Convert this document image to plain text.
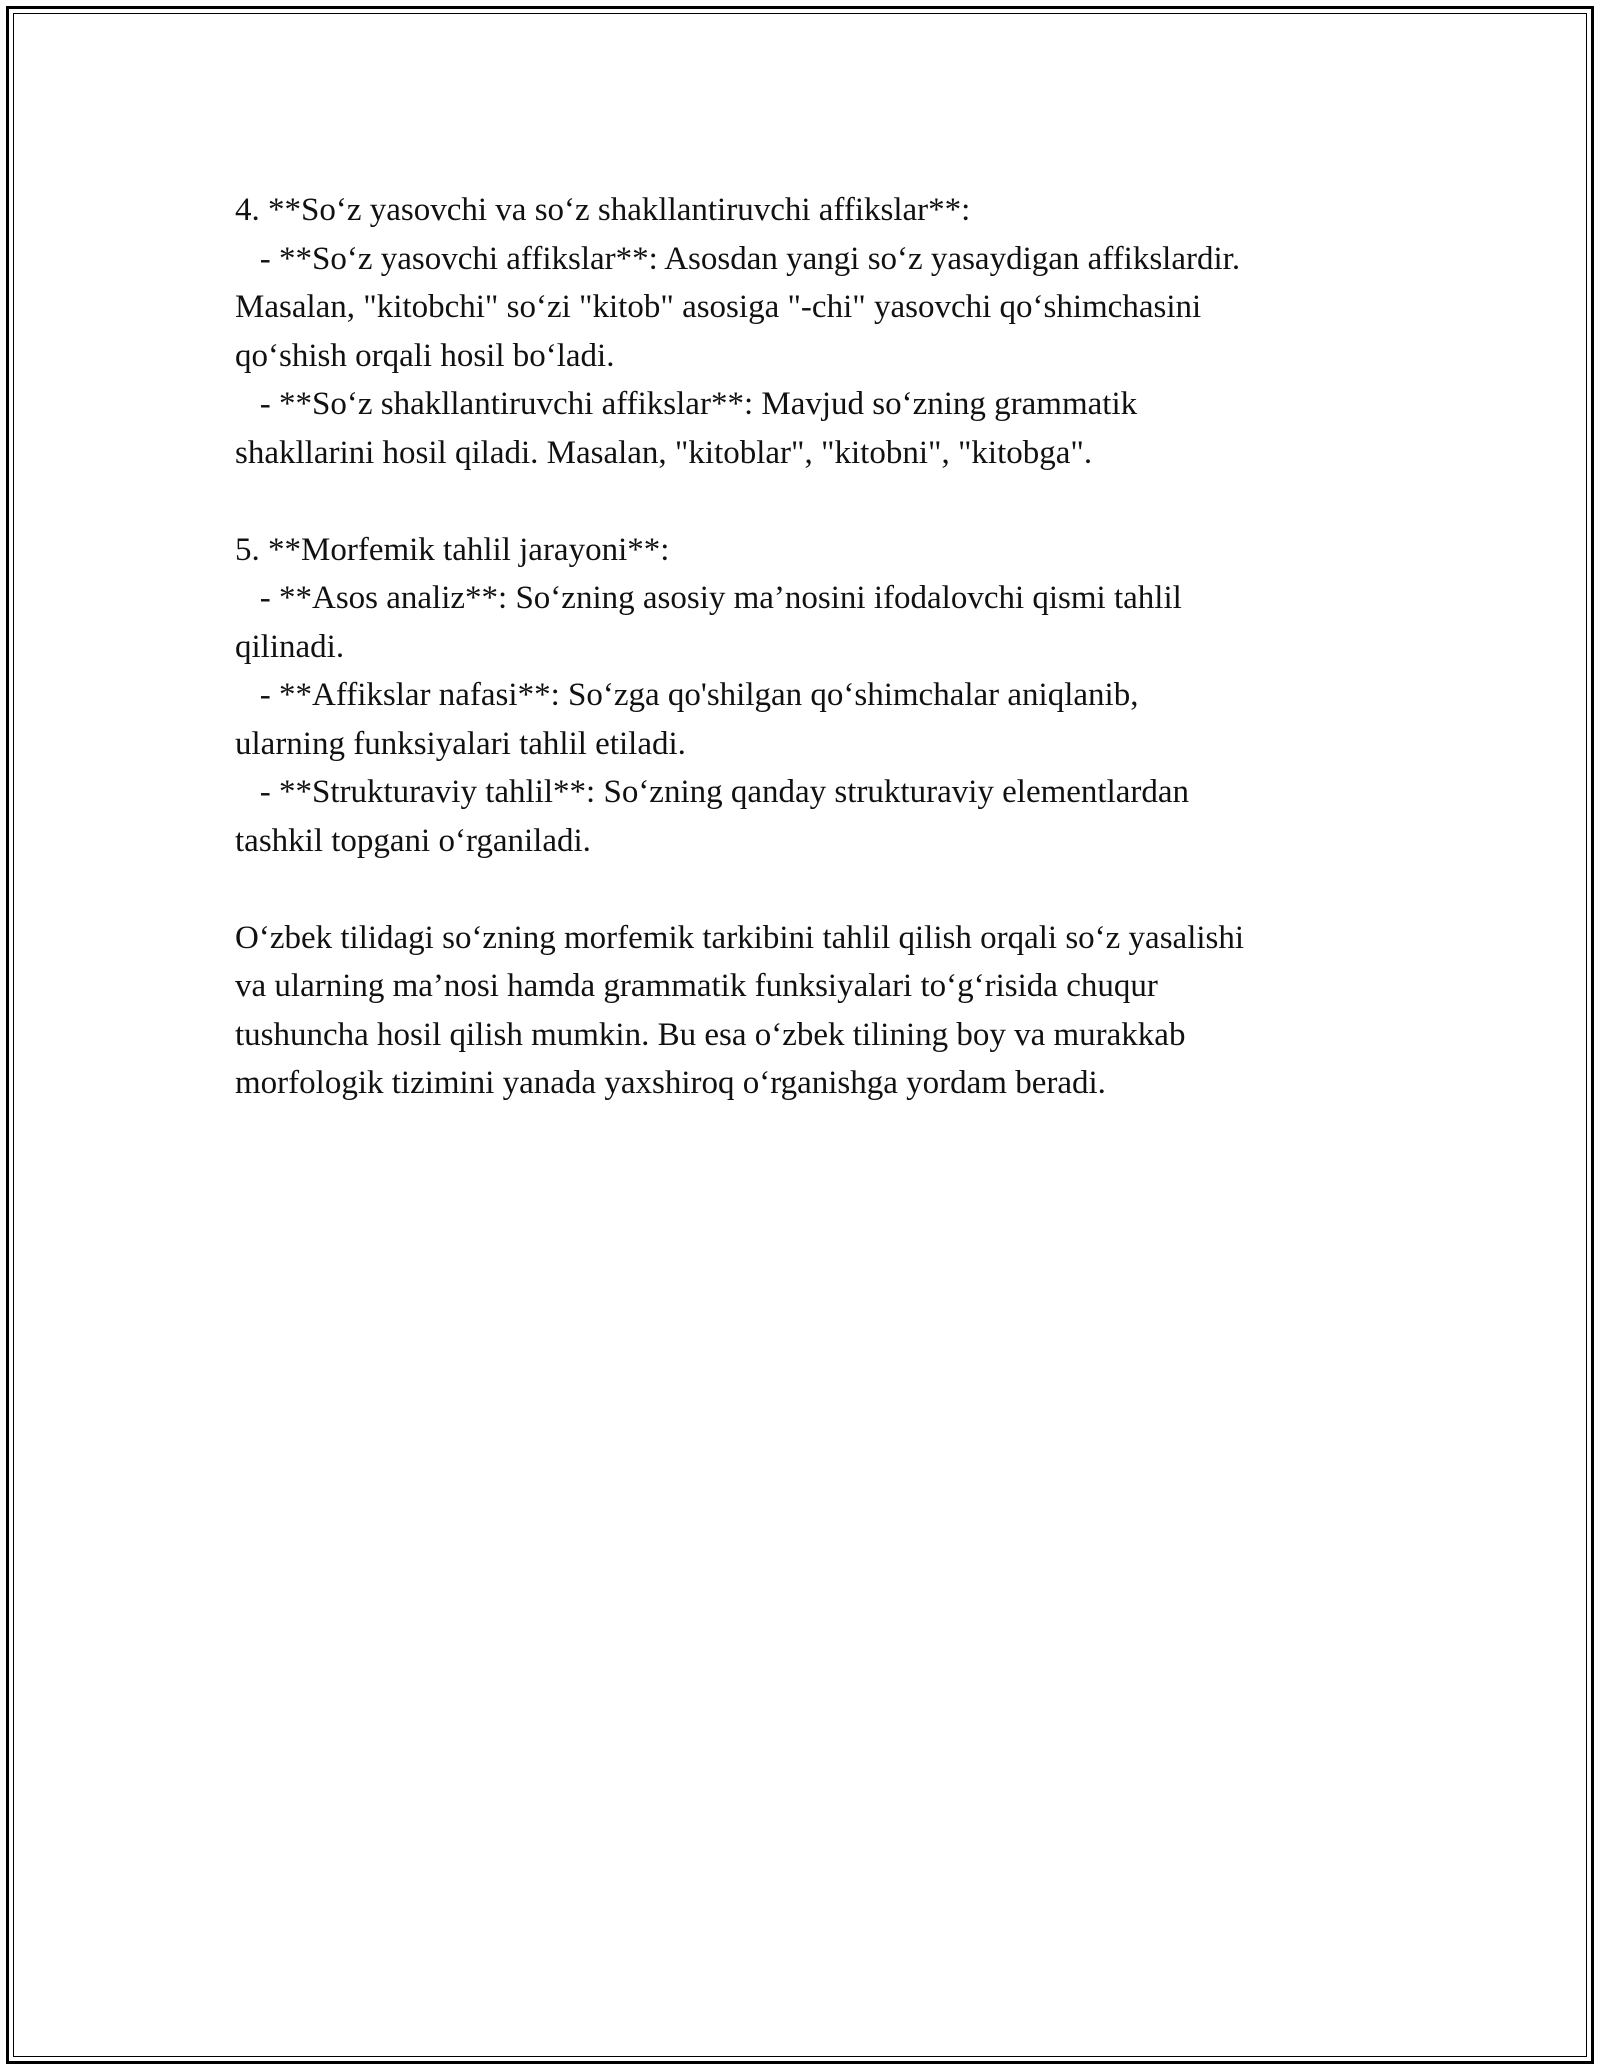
4. **So‘z yasovchi va so‘z shakllantiruvchi affikslar**:

- **So‘z yasovchi affikslar**: Asosdan yangi so‘z yasaydigan affikslardir.

Masalan, "kitobchi" so‘zi "kitob" asosiga "-chi" yasovchi qo‘shimchasini

qo‘shish orqali hosil bo‘ladi.

- **So‘z shakllantiruvchi affikslar**: Mavjud so‘zning grammatik

shakllarini hosil qiladi. Masalan, "kitoblar", "kitobni", "kitobga".

5. **Morfemik tahlil jarayoni**:

- **Asos analiz**: So‘zning asosiy ma’nosini ifodalovchi qismi tahlil

qilinadi.

- **Affikslar nafasi**: So‘zga qo'shilgan qo‘shimchalar aniqlanib,

ularning funksiyalari tahlil etiladi.

- **Strukturaviy tahlil**: So‘zning qanday strukturaviy elementlardan

tashkil topgani o‘rganiladi.

O‘zbek tilidagi so‘zning morfemik tarkibini tahlil qilish orqali so‘z yasalishi

va ularning ma’nosi hamda grammatik funksiyalari to‘g‘risida chuqur

tushuncha hosil qilish mumkin. Bu esa o‘zbek tilining boy va murakkab

morfologik tizimini yanada yaxshiroq o‘rganishga yordam beradi.
